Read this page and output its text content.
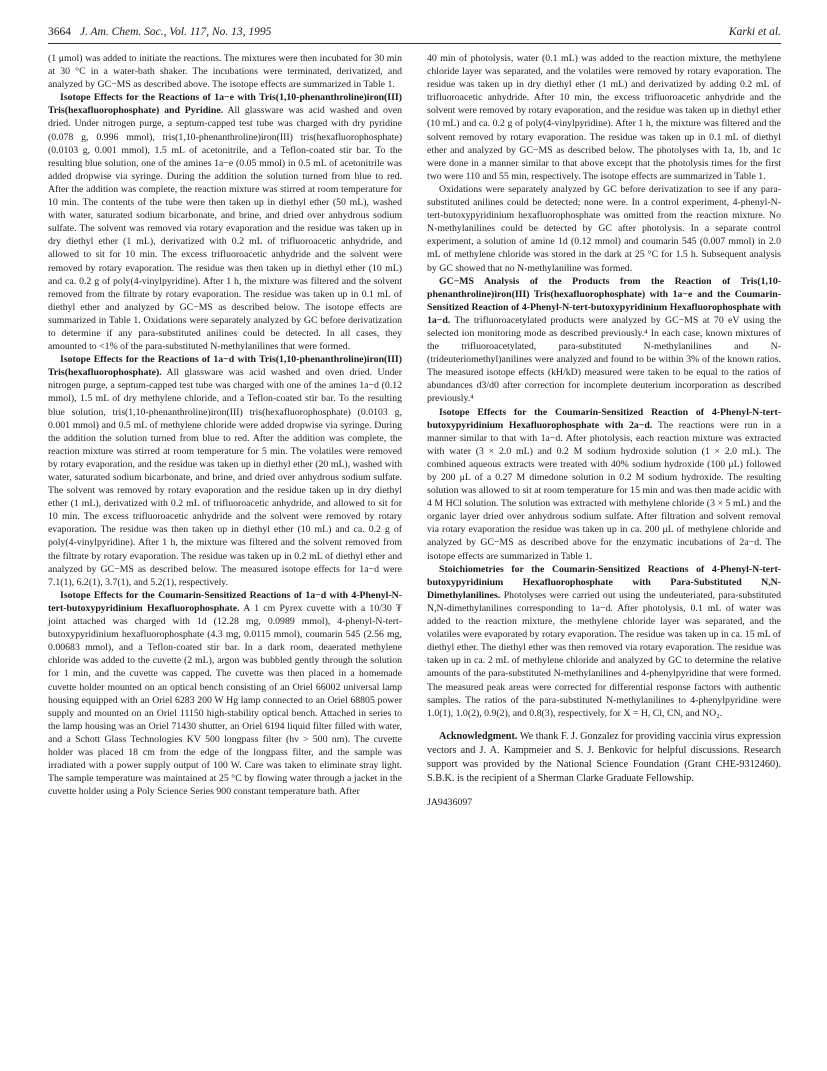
3664 J. Am. Chem. Soc., Vol. 117, No. 13, 1995	Karki et al.

(1 μmol) was added to initiate the reactions. The mixtures were then incubated for 30 min at 30 °C in a water-bath shaker. The incubations were terminated, derivatized, and analyzed by GC−MS as described above. The isotope effects are summarized in Table 1.

Isotope Effects for the Reactions of 1a−e with Tris(1,10-phenanthroline)iron(III) Tris(hexafluorophosphate) and Pyridine. All glassware was acid washed and oven dried. Under nitrogen purge, a septum-capped test tube was charged with dry pyridine (0.078 g, 0.996 mmol), tris(1,10-phenanthroline)iron(III) tris(hexafluorophosphate) (0.0103 g, 0.001 mmol), 1.5 mL of acetonitrile, and a Teflon-coated stir bar. To the resulting blue solution, one of the amines 1a−e (0.05 mmol) in 0.5 mL of acetonitrile was added dropwise via syringe. During the addition the solution turned from blue to red. After the addition was complete, the reaction mixture was stirred at room temperature for 10 min. The contents of the tube were then taken up in diethyl ether (50 mL), washed with water, saturated sodium bicarbonate, and brine, and dried over anhydrous sodium sulfate. The solvent was removed via rotary evaporation and the residue was taken up in dry diethyl ether (1 mL), derivatized with 0.2 mL of trifluoroacetic anhydride, and allowed to sit for 10 min. The excess trifluoroacetic anhydride and the solvent were removed by rotary evaporation. The residue was then taken up in diethyl ether (10 mL) and ca. 0.2 g of poly(4-vinylpyridine). After 1 h, the mixture was filtered and the solvent removed from the filtrate by rotary evaporation. The residue was taken up in 0.1 mL of diethyl ether and analyzed by GC−MS as described below. The isotope effects are summarized in Table 1. Oxidations were separately analyzed by GC before derivatization to determine if any para-substituted anilines could be detected. In all cases, they amounted to <1% of the para-substituted N-methylanilines that were formed.

Isotope Effects for the Reactions of 1a−d with Tris(1,10-phenanthroline)iron(III) Tris(hexafluorophosphate). All glassware was acid washed and oven dried. Under nitrogen purge, a septum-capped test tube was charged with one of the amines 1a−d (0.12 mmol), 1.5 mL of dry methylene chloride, and a Teflon-coated stir bar. To the resulting blue solution, tris(1,10-phenanthroline)iron(III) tris(hexafluorophosphate) (0.0103 g, 0.001 mmol) and 0.5 mL of methylene chloride were added dropwise via syringe. During the addition the solution turned from blue to red. After the addition was complete, the reaction mixture was stirred at room temperature for 5 min. The volatiles were removed by rotary evaporation, and the residue was taken up in diethyl ether (20 mL), washed with water, saturated sodium bicarbonate, and brine, and dried over anhydrous sodium sulfate. The solvent was removed by rotary evaporation and the residue taken up in dry diethyl ether (1 mL), derivatized with 0.2 mL of trifluoroacetic anhydride, and allowed to sit for 10 min. The excess trifluoroacetic anhydride and the solvent were removed by rotary evaporation. The residue was then taken up in diethyl ether (10 mL) and ca. 0.2 g of poly(4-vinylpyridine). After 1 h, the mixture was filtered and the solvent removed from the filtrate by rotary evaporation. The residue was taken up in 0.2 mL of diethyl ether and analyzed by GC−MS as described below. The measured isotope effects for 1a−d were 7.1(1), 6.2(1), 3.7(1), and 5.2(1), respectively.

Isotope Effects for the Coumarin-Sensitized Reactions of 1a−d with 4-Phenyl-N-tert-butoxypyridinium Hexafluorophosphate. A 1 cm Pyrex cuvette with a 10/30 ₮ joint attached was charged with 1d (12.28 mg, 0.0989 mmol), 4-phenyl-N-tert-butoxypyridinium hexafluorophosphate (4.3 mg, 0.0115 mmol), coumarin 545 (2.56 mg, 0.00683 mmol), and a Teflon-coated stir bar. In a dark room, deaerated methylene chloride was added to the cuvette (2 mL), argon was bubbled gently through the solution for 1 min, and the cuvette was capped. The cuvette was then placed in a homemade cuvette holder mounted on an optical bench consisting of an Oriel 66002 universal lamp housing equipped with an Oriel 6283 200 W Hg lamp connected to an Oriel 68805 power supply and mounted on an Oriel 11150 high-stability optical bench. Attached in series to the lamp housing was an Oriel 71430 shutter, an Oriel 6194 liquid filter filled with water, and a Schott Glass Technologies KV 500 longpass filter (hν > 500 nm). The cuvette holder was placed 18 cm from the edge of the longpass filter, and the sample was irradiated with a power supply output of 100 W. Care was taken to eliminate stray light. The sample temperature was maintained at 25 °C by flowing water through a jacket in the cuvette holder using a Poly Science Series 900 constant temperature bath. After

40 min of photolysis, water (0.1 mL) was added to the reaction mixture, the methylene chloride layer was separated, and the volatiles were removed by rotary evaporation. The residue was taken up in dry diethyl ether (1 mL) and derivatized by adding 0.2 mL of trifluoroacetic anhydride. After 10 min, the excess trifluoroacetic anhydride and the solvent were removed by rotary evaporation, and the residue was taken up in diethyl ether (10 mL) and ca. 0.2 g of poly(4-vinylpyridine). After 1 h, the mixture was filtered and the solvent removed by rotary evaporation. The residue was taken up in 0.1 mL of diethyl ether and analyzed by GC−MS as described below. The photolyses with 1a, 1b, and 1c were done in a manner similar to that above except that the photolysis times for the first two were 110 and 55 min, respectively. The isotope effects are summarized in Table 1.

Oxidations were separately analyzed by GC before derivatization to see if any para-substituted anilines could be detected; none were. In a control experiment, 4-phenyl-N-tert-butoxypyridinium hexafluorophosphate was omitted from the reaction mixture. No N-methylanilines could be detected by GC after photolysis. In a separate control experiment, a solution of amine 1d (0.12 mmol) and coumarin 545 (0.007 mmol) in 2.0 mL of methylene chloride was stored in the dark at 25 °C for 1.5 h. Subsequent analysis by GC showed that no N-methylaniline was formed.

GC−MS Analysis of the Products from the Reaction of Tris(1,10-phenanthroline)iron(III) Tris(hexafluorophosphate) with 1a−e and the Coumarin-Sensitized Reaction of 4-Phenyl-N-tert-butoxypyridinium Hexafluorophosphate with 1a−d. The trifluoroacetylated products were analyzed by GC−MS at 70 eV using the selected ion monitoring mode as described previously.⁴ In each case, known mixtures of the trifluoroacetylated, para-substituted N-methylanilines and N-(trideuteriomethyl)anilines were analyzed and found to be within 3% of the known ratios. The measured isotope effects (kH/kD) measured were taken to be equal to the ratios of abundances d3/d0 after correction for incomplete deuterium incorporation as described previously.⁴

Isotope Effects for the Coumarin-Sensitized Reaction of 4-Phenyl-N-tert-butoxypyridinium Hexafluorophosphate with 2a−d. The reactions were run in a manner similar to that with 1a−d. After photolysis, each reaction mixture was extracted with water (3 × 2.0 mL) and 0.2 M sodium hydroxide solution (1 × 2.0 mL). The combined aqueous extracts were treated with 40% sodium hydroxide (100 μL) followed by 200 μL of a 0.27 M dimedone solution in 0.2 M sodium hydroxide. The resulting solution was allowed to sit at room temperature for 15 min and was then made acidic with 4 M HCl solution. The solution was extracted with methylene chloride (3 × 5 mL) and the organic layer dried over anhydrous sodium sulfate. After filtration and solvent removal via rotary evaporation the residue was taken up in ca. 200 μL of methylene chloride and analyzed by GC−MS as described above for the enzymatic incubations of 2a−d. The isotope effects are summarized in Table 1.

Stoichiometries for the Coumarin-Sensitized Reactions of 4-Phenyl-N-tert-butoxypyridinium Hexafluorophosphate with Para-Substituted N,N-Dimethylanilines. Photolyses were carried out using the undeuteriated, para-substituted N,N-dimethylanilines corresponding to 1a−d. After photolysis, 0.1 mL of water was added to the reaction mixture, the methylene chloride layer was separated, and the volatiles were evaporated by rotary evaporation. The residue was taken up in ca. 15 mL of diethyl ether. The diethyl ether was then removed via rotary evaporation. The residue was taken up in ca. 2 mL of methylene chloride and analyzed by GC to determine the relative amounts of the para-substituted N-methylanilines and 4-phenylpyridine that were formed. The measured peak areas were corrected for differential response factors with authentic samples. The ratios of the para-substituted N-methylanilines to 4-phenylpyridine were 1.0(1), 1.0(2), 0.9(2), and 0.8(3), respectively, for X = H, Cl, CN, and NO₂.

Acknowledgment. We thank F. J. Gonzalez for providing vaccinia virus expression vectors and J. A. Kampmeier and S. J. Benkovic for helpful discussions. Research support was provided by the National Science Foundation (Grant CHE-9312460). S.B.K. is the recipient of a Sherman Clarke Graduate Fellowship.

JA9436097
